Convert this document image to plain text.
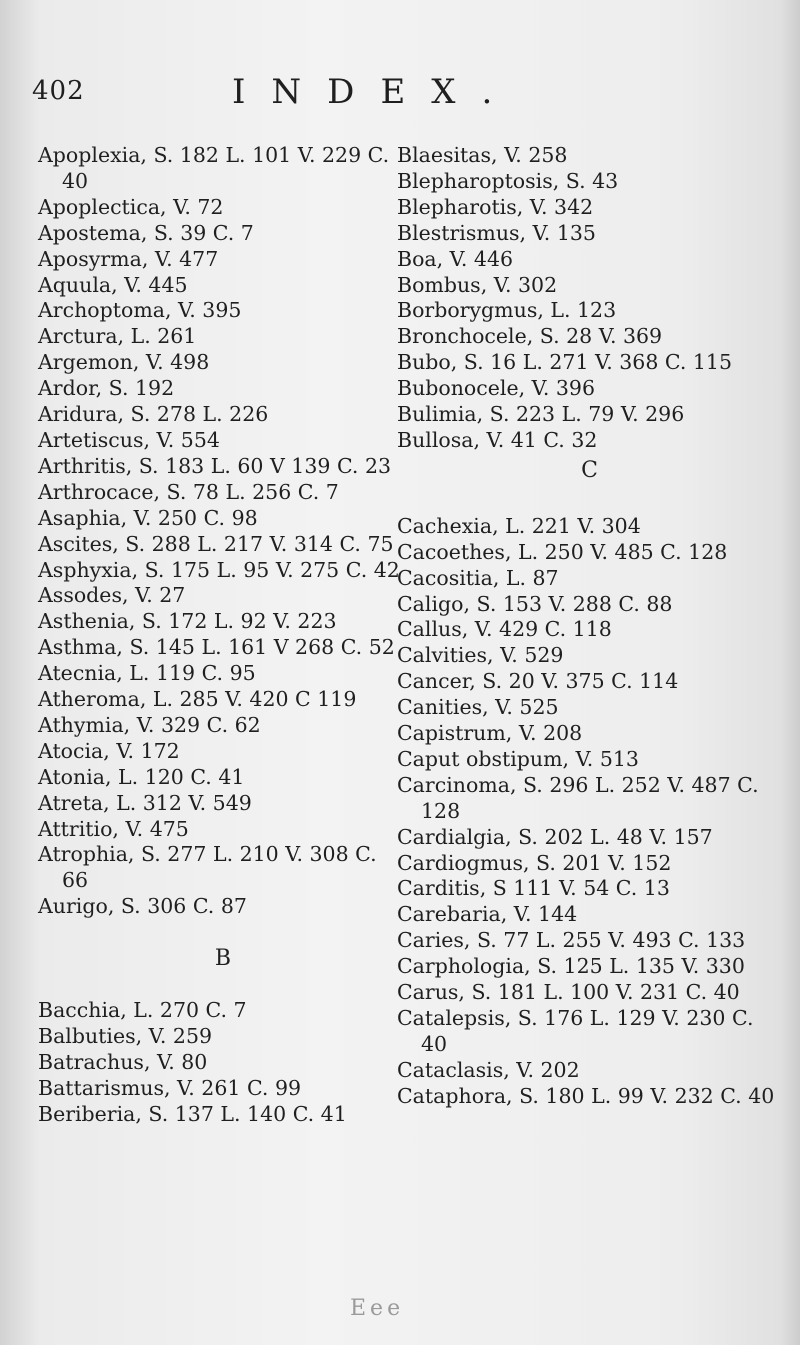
402	INDEX.

Apoplexia, S. 182 L. 101 V. 229 C. 40

Apoplectica, V. 72

Apostema, S. 39 C. 7

Aposyrma, V. 477

Aquula, V. 445

Archoptoma, V. 395

Arctura, L. 261

Argemon, V. 498

Ardor, S. 192

Aridura, S. 278 L. 226

Artetiscus, V. 554

Arthritis, S. 183 L. 60 V 139 C. 23

Arthrocace, S. 78 L. 256 C. 7

Asaphia, V. 250 C. 98

Ascites, S. 288 L. 217 V. 314 C. 75

Asphyxia, S. 175 L. 95 V. 275 C. 42

Assodes, V. 27

Asthenia, S. 172 L. 92 V. 223

Asthma, S. 145 L. 161 V 268 C. 52

Atecnia, L. 119 C. 95

Atheroma, L. 285 V. 420 C 119

Athymia, V. 329 C. 62

Atocia, V. 172

Atonia, L. 120 C. 41

Atreta, L. 312 V. 549

Attritio, V. 475

Atrophia, S. 277 L. 210 V. 308 C. 66

Aurigo, S. 306 C. 87

B

Bacchia, L. 270 C. 7

Balbuties, V. 259

Batrachus, V. 80

Battarismus, V. 261 C. 99

Beriberia, S. 137 L. 140 C. 41

Blaesitas, V. 258

Blepharoptosis, S. 43

Blepharotis, V. 342

Blestrismus, V. 135

Boa, V. 446

Bombus, V. 302

Borborygmus, L. 123

Bronchocele, S. 28 V. 369

Bubo, S. 16 L. 271 V. 368 C. 115

Bubonocele, V. 396

Bulimia, S. 223 L. 79 V. 296

Bullosa, V. 41 C. 32

C

Cachexia, L. 221 V. 304

Cacoethes, L. 250 V. 485 C. 128

Cacositia, L. 87

Caligo, S. 153 V. 288 C. 88

Callus, V. 429 C. 118

Calvities, V. 529

Cancer, S. 20 V. 375 C. 114

Canities, V. 525

Capistrum, V. 208

Caput obstipum, V. 513

Carcinoma, S. 296 L. 252 V. 487 C. 128

Cardialgia, S. 202 L. 48 V. 157

Cardiogmus, S. 201 V. 152

Carditis, S 111 V. 54 C. 13

Carebaria, V. 144

Caries, S. 77 L. 255 V. 493 C. 133

Carphologia, S. 125 L. 135 V. 330

Carus, S. 181 L. 100 V. 231 C. 40

Catalepsis, S. 176 L. 129 V. 230 C. 40

Cataclasis, V. 202

Cataphora, S. 180 L. 99 V. 232 C. 40

Eee
